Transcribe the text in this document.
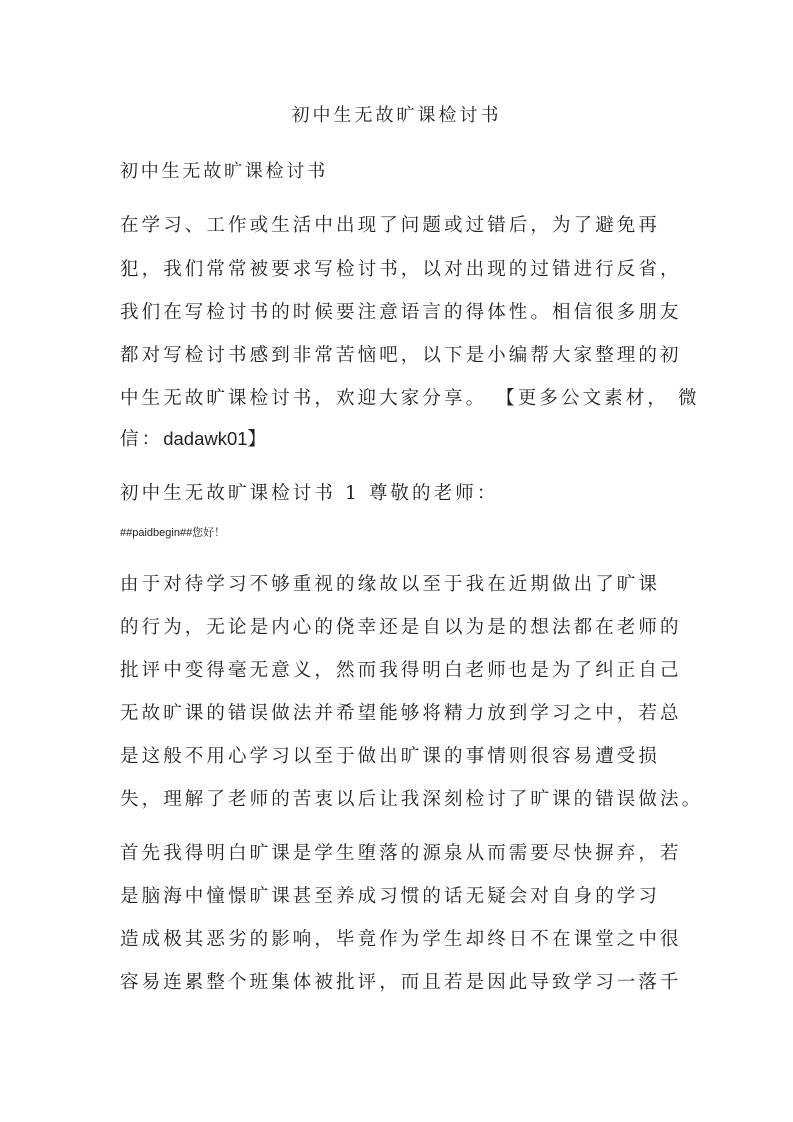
初中生无故旷课检讨书
初中生无故旷课检讨书
在学习、工作或生活中出现了问题或过错后，为了避免再
犯，我们常常被要求写检讨书，以对出现的过错进行反省，
我们在写检讨书的时候要注意语言的得体性。相信很多朋友
都对写检讨书感到非常苦恼吧，以下是小编帮大家整理的初
中生无故旷课检讨书，欢迎大家分享。 【更多公文素材， 微
信：dadawk01】
初中生无故旷课检讨书 1 尊敬的老师：
##paidbegin##您好！
由于对待学习不够重视的缘故以至于我在近期做出了旷课
的行为，无论是内心的侥幸还是自以为是的想法都在老师的
批评中变得毫无意义，然而我得明白老师也是为了纠正自己
无故旷课的错误做法并希望能够将精力放到学习之中，若总
是这般不用心学习以至于做出旷课的事情则很容易遭受损
失，理解了老师的苦衷以后让我深刻检讨了旷课的错误做法。
首先我得明白旷课是学生堕落的源泉从而需要尽快摒弃，若
是脑海中憧憬旷课甚至养成习惯的话无疑会对自身的学习
造成极其恶劣的影响，毕竟作为学生却终日不在课堂之中很
容易连累整个班集体被批评，而且若是因此导致学习一落千
